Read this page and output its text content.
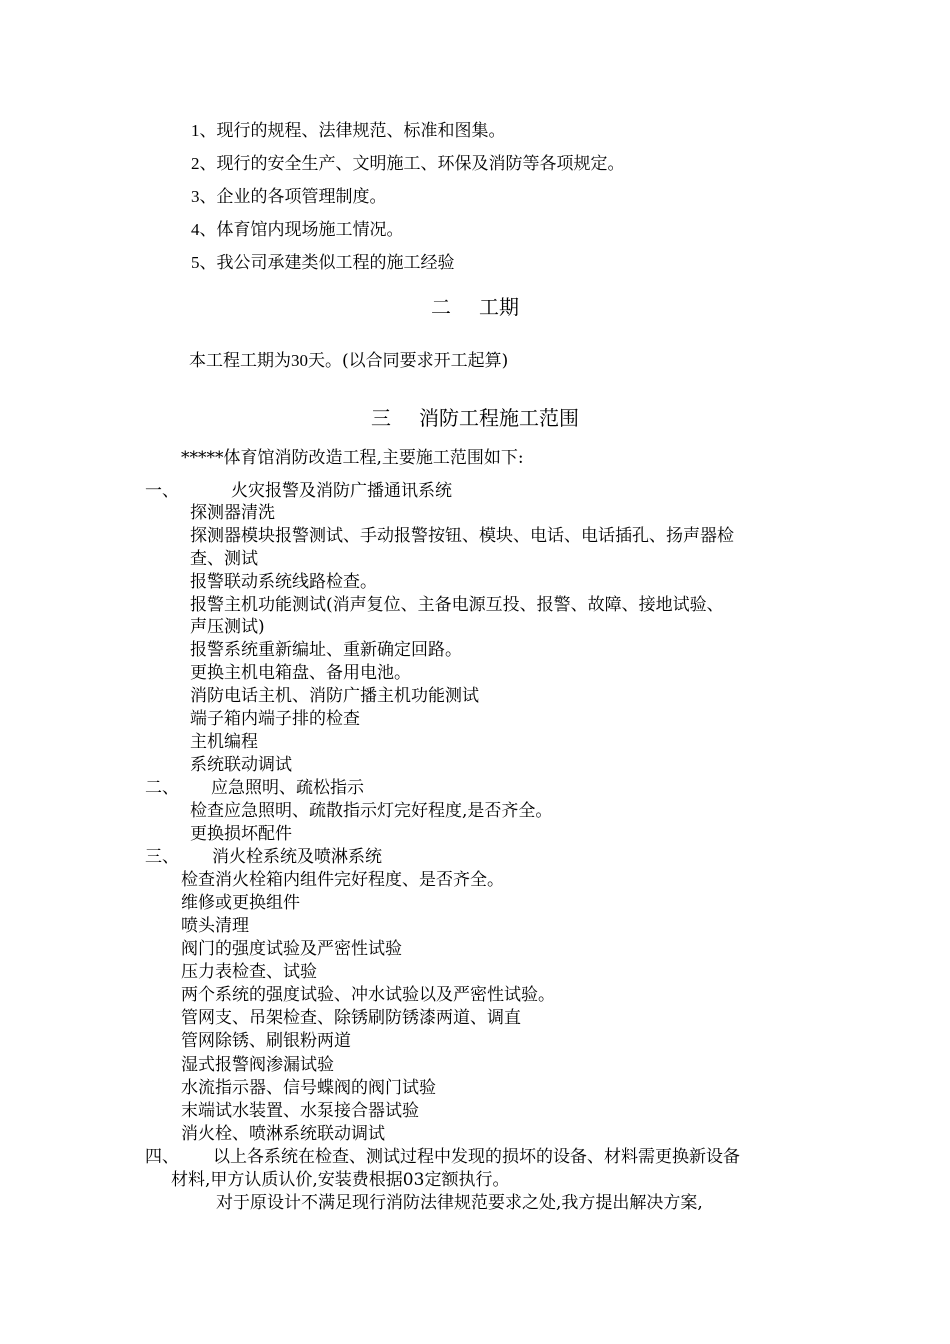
1、现行的规程、法律规范、标准和图集。
2、现行的安全生产、文明施工、环保及消防等各项规定。
3、企业的各项管理制度。
4、体育馆内现场施工情况。
5、我公司承建类似工程的施工经验
二 工期
本工程工期为30天。(以合同要求开工起算)
三 消防工程施工范围
*****体育馆消防改造工程,主要施工范围如下:
一、	火灾报警及消防广播通讯系统
探测器清洗
探测器模块报警测试、手动报警按钮、模块、电话、电话插孔、扬声器检
查、测试
报警联动系统线路检查。
报警主机功能测试(消声复位、主备电源互投、报警、故障、接地试验、
声压测试)
报警系统重新编址、重新确定回路。
更换主机电箱盘、备用电池。
消防电话主机、消防广播主机功能测试
端子箱内端子排的检查
主机编程
系统联动调试
二、 应急照明、疏松指示
检查应急照明、疏散指示灯完好程度,是否齐全。
更换损坏配件
三、 消火栓系统及喷淋系统
检查消火栓箱内组件完好程度、是否齐全。
维修或更换组件
喷头清理
阀门的强度试验及严密性试验
压力表检查、试验
两个系统的强度试验、冲水试验以及严密性试验。
管网支、吊架检查、除锈刷防锈漆两道、调直
管网除锈、刷银粉两道
湿式报警阀渗漏试验
水流指示器、信号蝶阀的阀门试验
末端试水装置、水泵接合器试验
消火栓、喷淋系统联动调试
四、 以上各系统在检查、测试过程中发现的损坏的设备、材料需更换新设备
材料,甲方认质认价,安装费根据03定额执行。
对于原设计不满足现行消防法律规范要求之处,我方提出解决方案,
